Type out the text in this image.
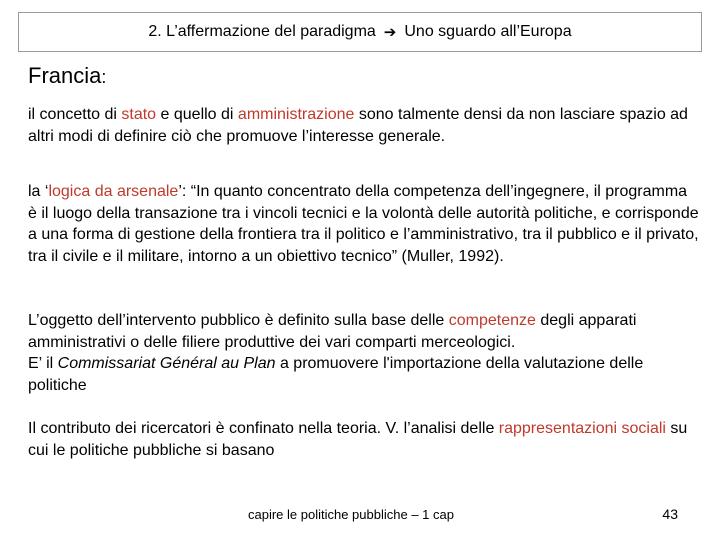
2. L’affermazione del paradigma ➔ Uno sguardo all’Europa
Francia:

il concetto di stato e quello di amministrazione sono talmente densi da non lasciare spazio ad altri modi di definire ciò che promuove l’interesse generale.

la ‘logica da arsenale’: “In quanto concentrato della competenza dell’ingegnere, il programma è il luogo della transazione tra i vincoli tecnici e la volontà delle autorità politiche, e corrisponde a una forma di gestione della frontiera tra il politico e l’amministrativo, tra il pubblico e il privato, tra il civile e il militare, intorno a un obiettivo tecnico” (Muller, 1992).

L’oggetto dell’intervento pubblico è definito sulla base delle competenze degli apparati amministrativi o delle filiere produttive dei vari comparti merceologici.
E’ il Commissariat Général au Plan a promuovere l'importazione della valutazione delle politiche

Il contributo dei ricercatori è confinato nella teoria. V. l’analisi delle rappresentazioni sociali su cui le politiche pubbliche si basano

capire le politiche pubbliche – 1 cap	43
